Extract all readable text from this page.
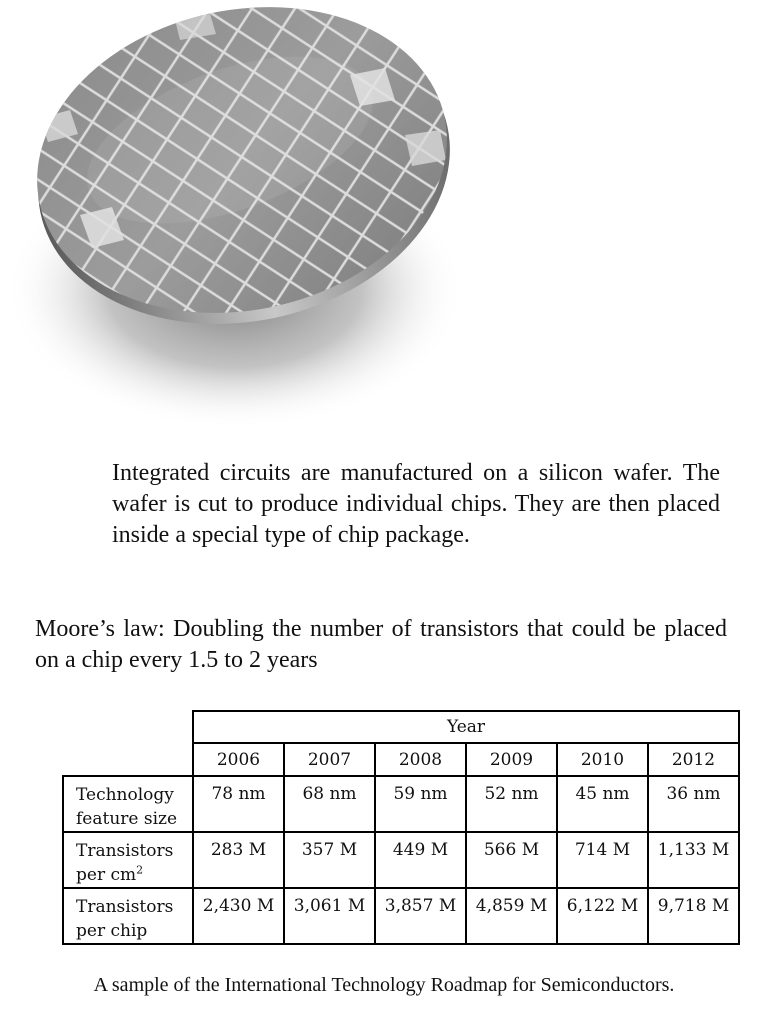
Integrated circuits are manufactured on a silicon wafer. The wafer is cut to produce individual chips. They are then placed inside a special type of chip package.
Moore’s law: Doubling the number of transistors that could be placed on a chip every 1.5 to 2 years
	Year					
	2006	2007	2008	2009	2010	2012
Technology
feature size	78 nm	68 nm	59 nm	52 nm	45 nm	36 nm
Transistors
per $cm^2$	283 M	357 M	449 M	566 M	714 M	1,133 M
Transistors
per chip	2,430 M	3,061 M	3,857 M	4,859 M	6,122 M	9,718 M
A sample of the International Technology Roadmap for Semiconductors.
